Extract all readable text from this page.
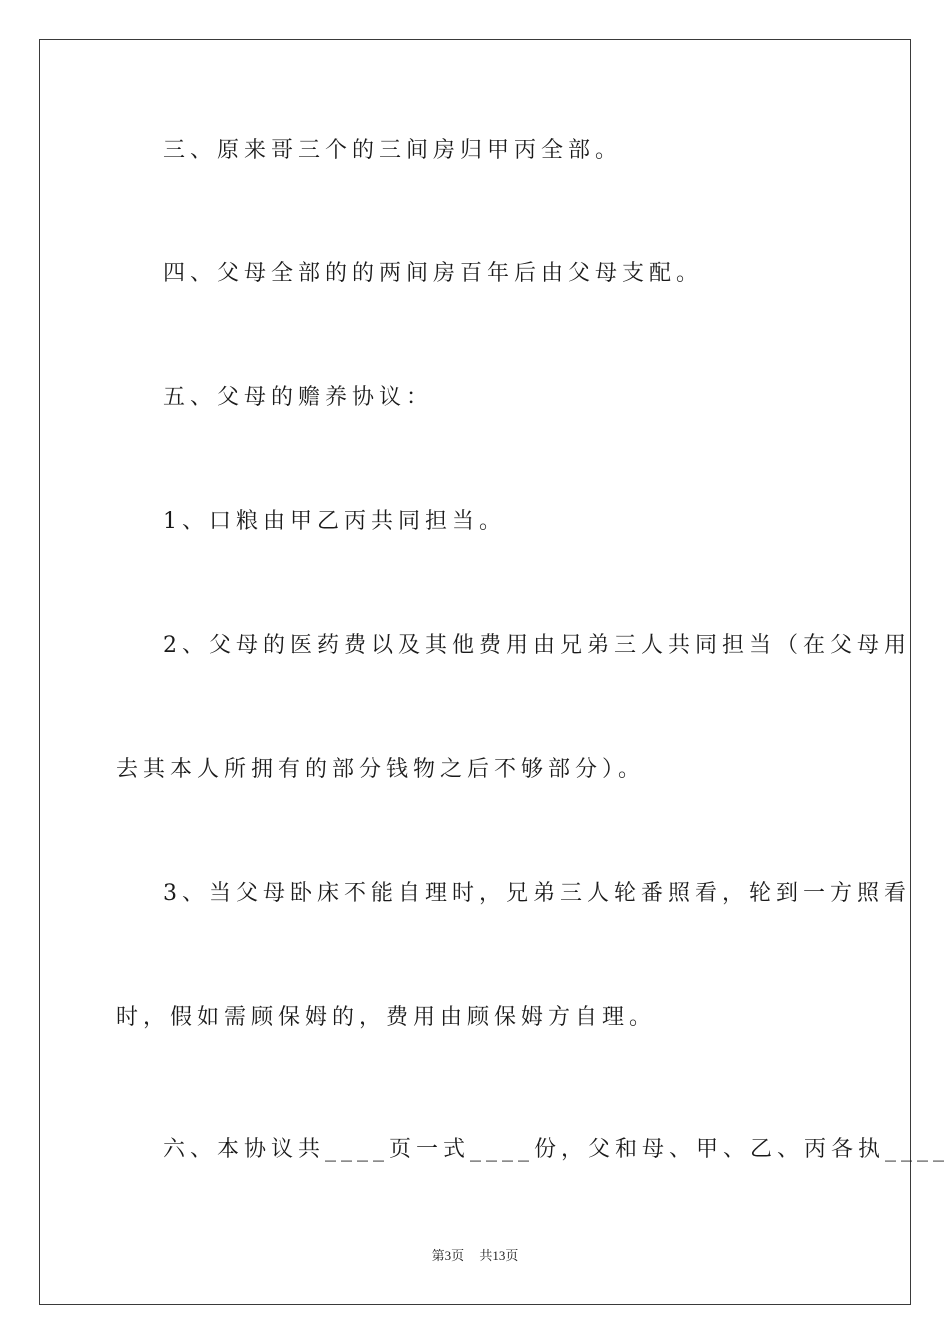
三、原来哥三个的三间房归甲丙全部。
四、父母全部的的两间房百年后由父母支配。
五、父母的赡养协议：
1、口粮由甲乙丙共同担当。
2、父母的医药费以及其他费用由兄弟三人共同担当（在父母用
去其本人所拥有的部分钱物之后不够部分）。
3、当父母卧床不能自理时，兄弟三人轮番照看，轮到一方照看
时，假如需顾保姆的，费用由顾保姆方自理。
六、本协议共____页一式____份，父和母、甲、乙、丙各执____
第3页 共13页
